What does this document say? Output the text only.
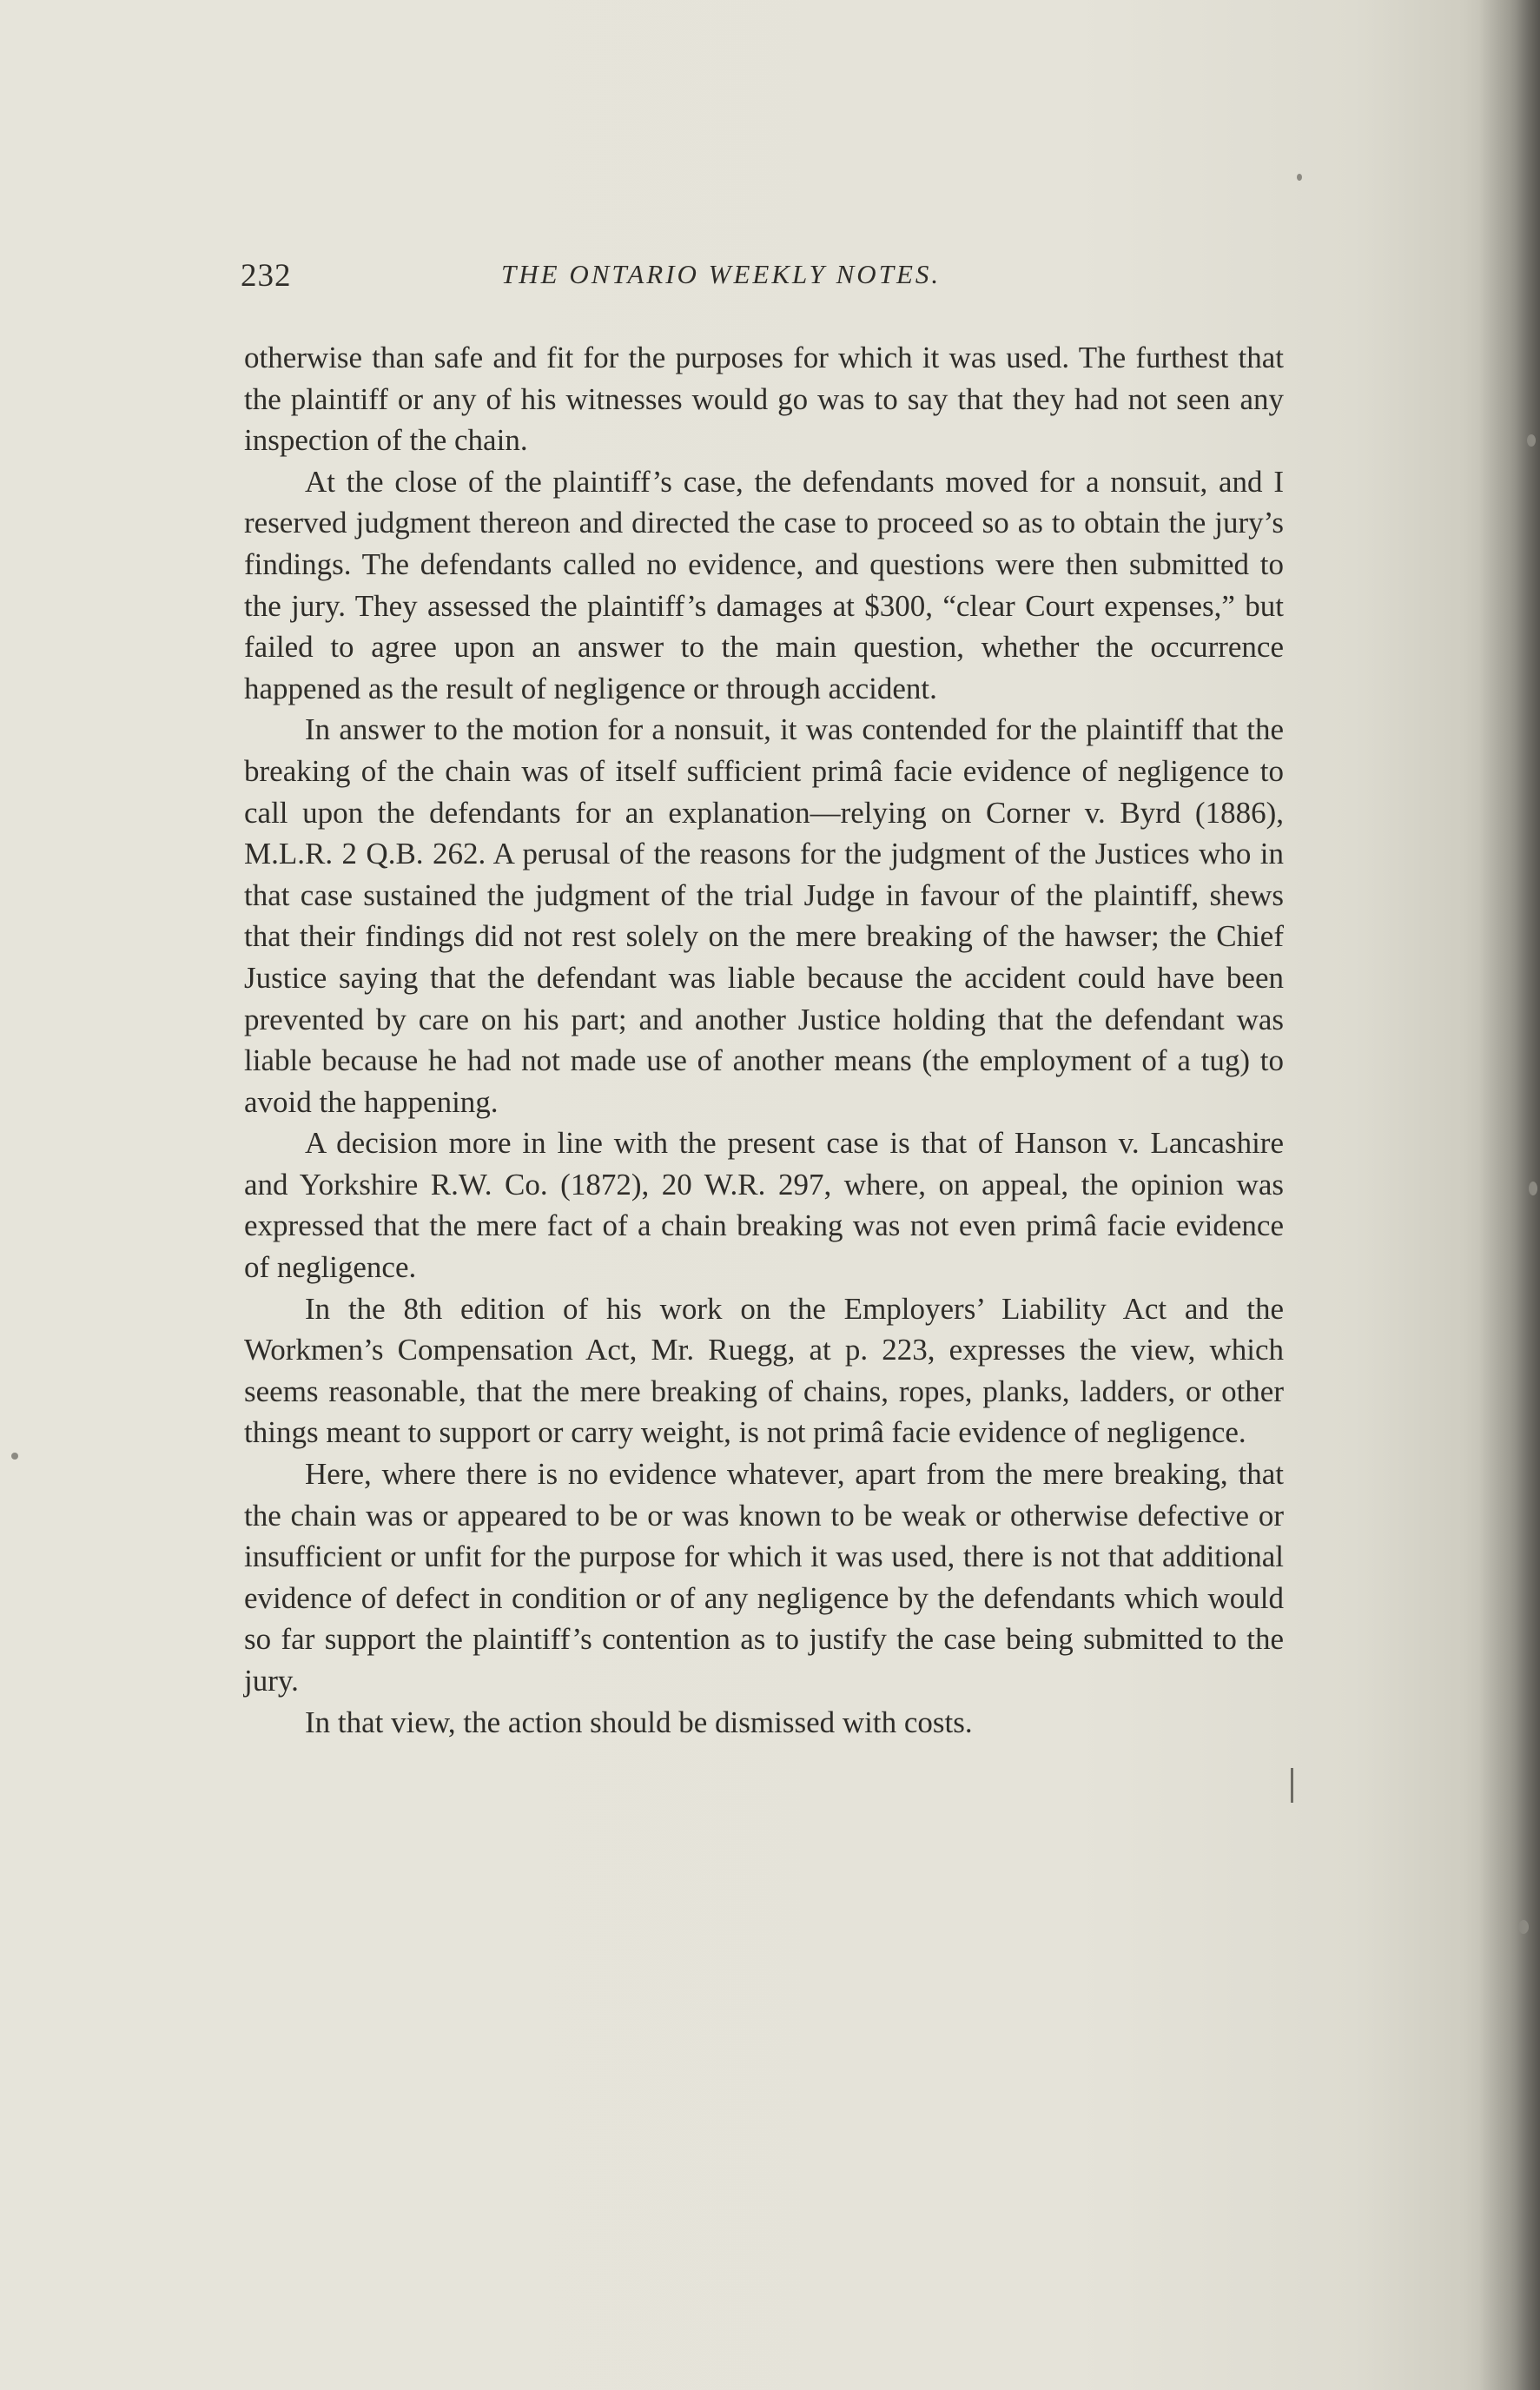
232	THE ONTARIO WEEKLY NOTES.

otherwise than safe and fit for the purposes for which it was used. The furthest that the plaintiff or any of his witnesses would go was to say that they had not seen any inspection of the chain.

At the close of the plaintiff’s case, the defendants moved for a nonsuit, and I reserved judgment thereon and directed the case to proceed so as to obtain the jury’s findings. The defendants called no evidence, and questions were then submitted to the jury. They assessed the plaintiff’s damages at $300, “clear Court expenses,” but failed to agree upon an answer to the main question, whether the occurrence happened as the result of negligence or through accident.

In answer to the motion for a nonsuit, it was contended for the plaintiff that the breaking of the chain was of itself sufficient primâ facie evidence of negligence to call upon the defendants for an explanation—relying on Corner v. Byrd (1886), M.L.R. 2 Q.B. 262. A perusal of the reasons for the judgment of the Justices who in that case sustained the judgment of the trial Judge in favour of the plaintiff, shews that their findings did not rest solely on the mere breaking of the hawser; the Chief Justice saying that the defendant was liable because the accident could have been prevented by care on his part; and another Justice holding that the defendant was liable because he had not made use of another means (the employment of a tug) to avoid the happening.

A decision more in line with the present case is that of Hanson v. Lancashire and Yorkshire R.W. Co. (1872), 20 W.R. 297, where, on appeal, the opinion was expressed that the mere fact of a chain breaking was not even primâ facie evidence of negligence.

In the 8th edition of his work on the Employers’ Liability Act and the Workmen’s Compensation Act, Mr. Ruegg, at p. 223, expresses the view, which seems reasonable, that the mere breaking of chains, ropes, planks, ladders, or other things meant to support or carry weight, is not primâ facie evidence of negligence.

Here, where there is no evidence whatever, apart from the mere breaking, that the chain was or appeared to be or was known to be weak or otherwise defective or insufficient or unfit for the purpose for which it was used, there is not that additional evidence of defect in condition or of any negligence by the defendants which would so far support the plaintiff’s contention as to justify the case being submitted to the jury.

In that view, the action should be dismissed with costs.
